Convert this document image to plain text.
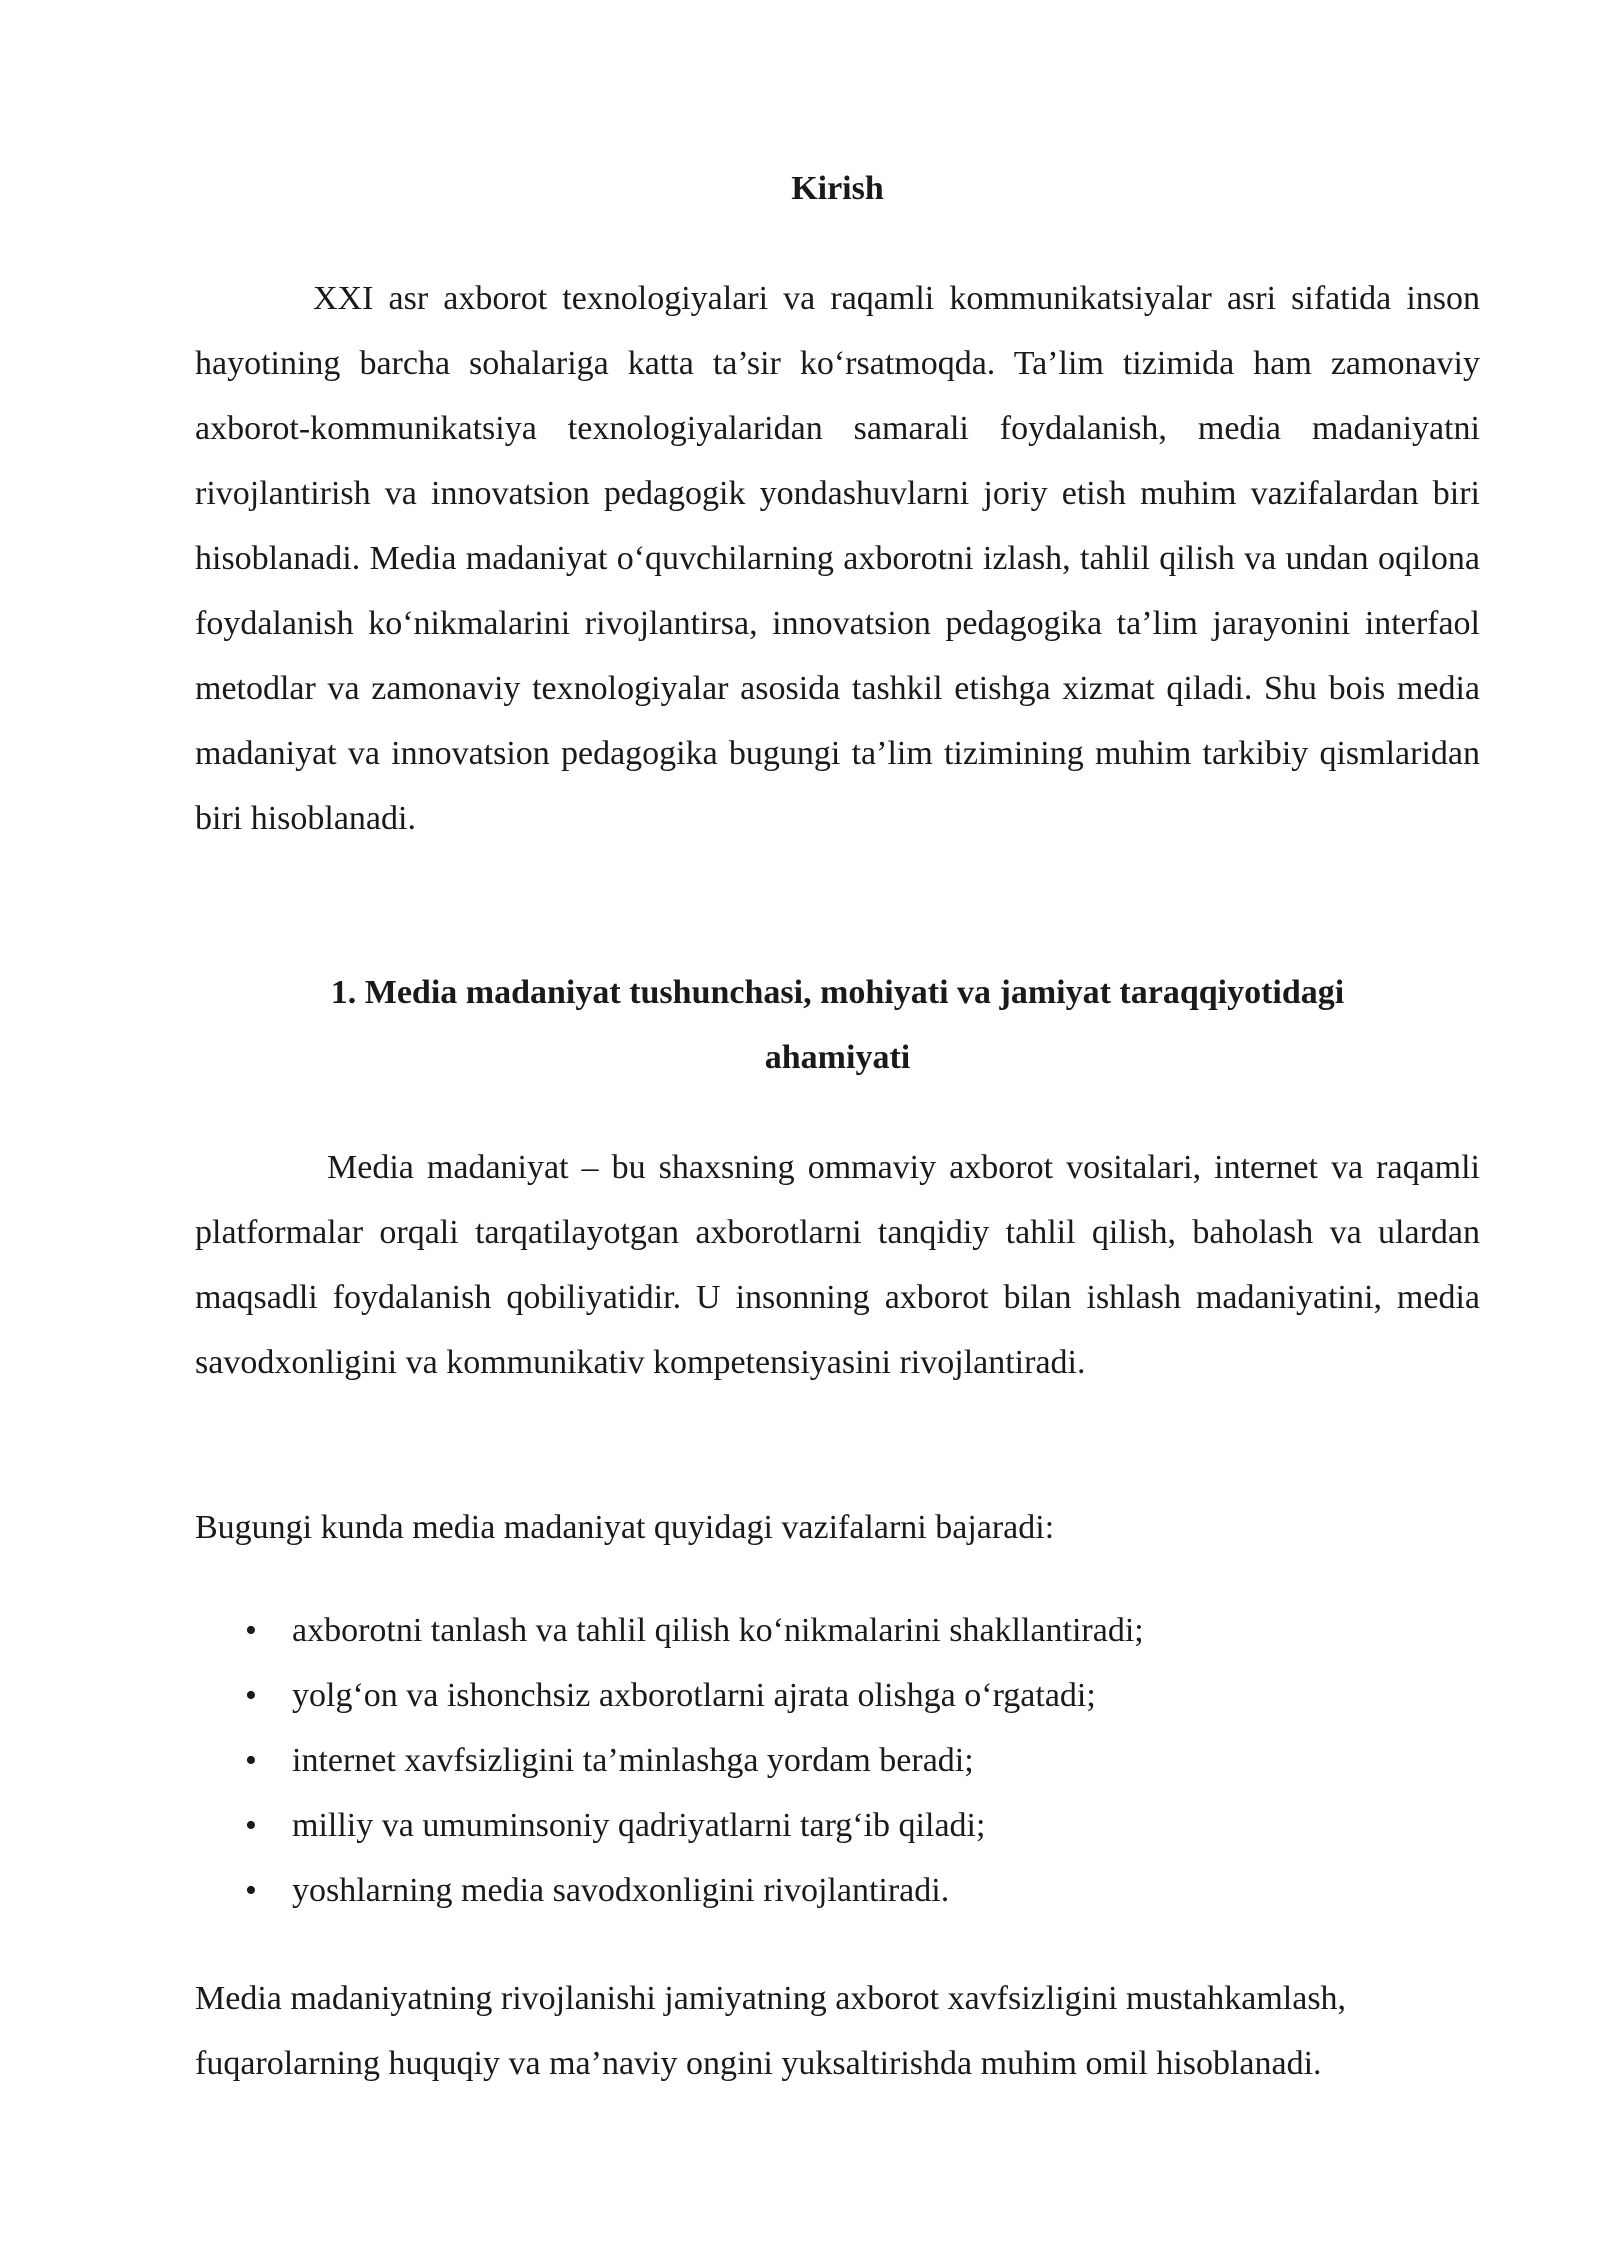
Kirish

XXI asr axborot texnologiyalari va raqamli kommunikatsiyalar asri sifatida inson hayotining barcha sohalariga katta ta’sir ko‘rsatmoqda. Ta’lim tizimida ham zamonaviy axborot-kommunikatsiya texnologiyalaridan samarali foydalanish, media madaniyatni rivojlantirish va innovatsion pedagogik yondashuvlarni joriy etish muhim vazifalardan biri hisoblanadi. Media madaniyat o‘quvchilarning axborotni izlash, tahlil qilish va undan oqilona foydalanish ko‘nikmalarini rivojlantirsa, innovatsion pedagogika ta’lim jarayonini interfaol metodlar va zamonaviy texnologiyalar asosida tashkil etishga xizmat qiladi. Shu bois media madaniyat va innovatsion pedagogika bugungi ta’lim tizimining muhim tarkibiy qismlaridan biri hisoblanadi.

1. Media madaniyat tushunchasi, mohiyati va jamiyat taraqqiyotidagi
ahamiyati

Media madaniyat – bu shaxsning ommaviy axborot vositalari, internet va raqamli platformalar orqali tarqatilayotgan axborotlarni tanqidiy tahlil qilish, baholash va ulardan maqsadli foydalanish qobiliyatidir. U insonning axborot bilan ishlash madaniyatini, media savodxonligini va kommunikativ kompetensiyasini rivojlantiradi.

Bugungi kunda media madaniyat quyidagi vazifalarni bajaradi:

• axborotni tanlash va tahlil qilish ko‘nikmalarini shakllantiradi;
• yolg‘on va ishonchsiz axborotlarni ajrata olishga o‘rgatadi;
• internet xavfsizligini ta’minlashga yordam beradi;
• milliy va umuminsoniy qadriyatlarni targ‘ib qiladi;
• yoshlarning media savodxonligini rivojlantiradi.

Media madaniyatning rivojlanishi jamiyatning axborot xavfsizligini mustahkamlash, fuqarolarning huquqiy va ma’naviy ongini yuksaltirishda muhim omil hisoblanadi.
